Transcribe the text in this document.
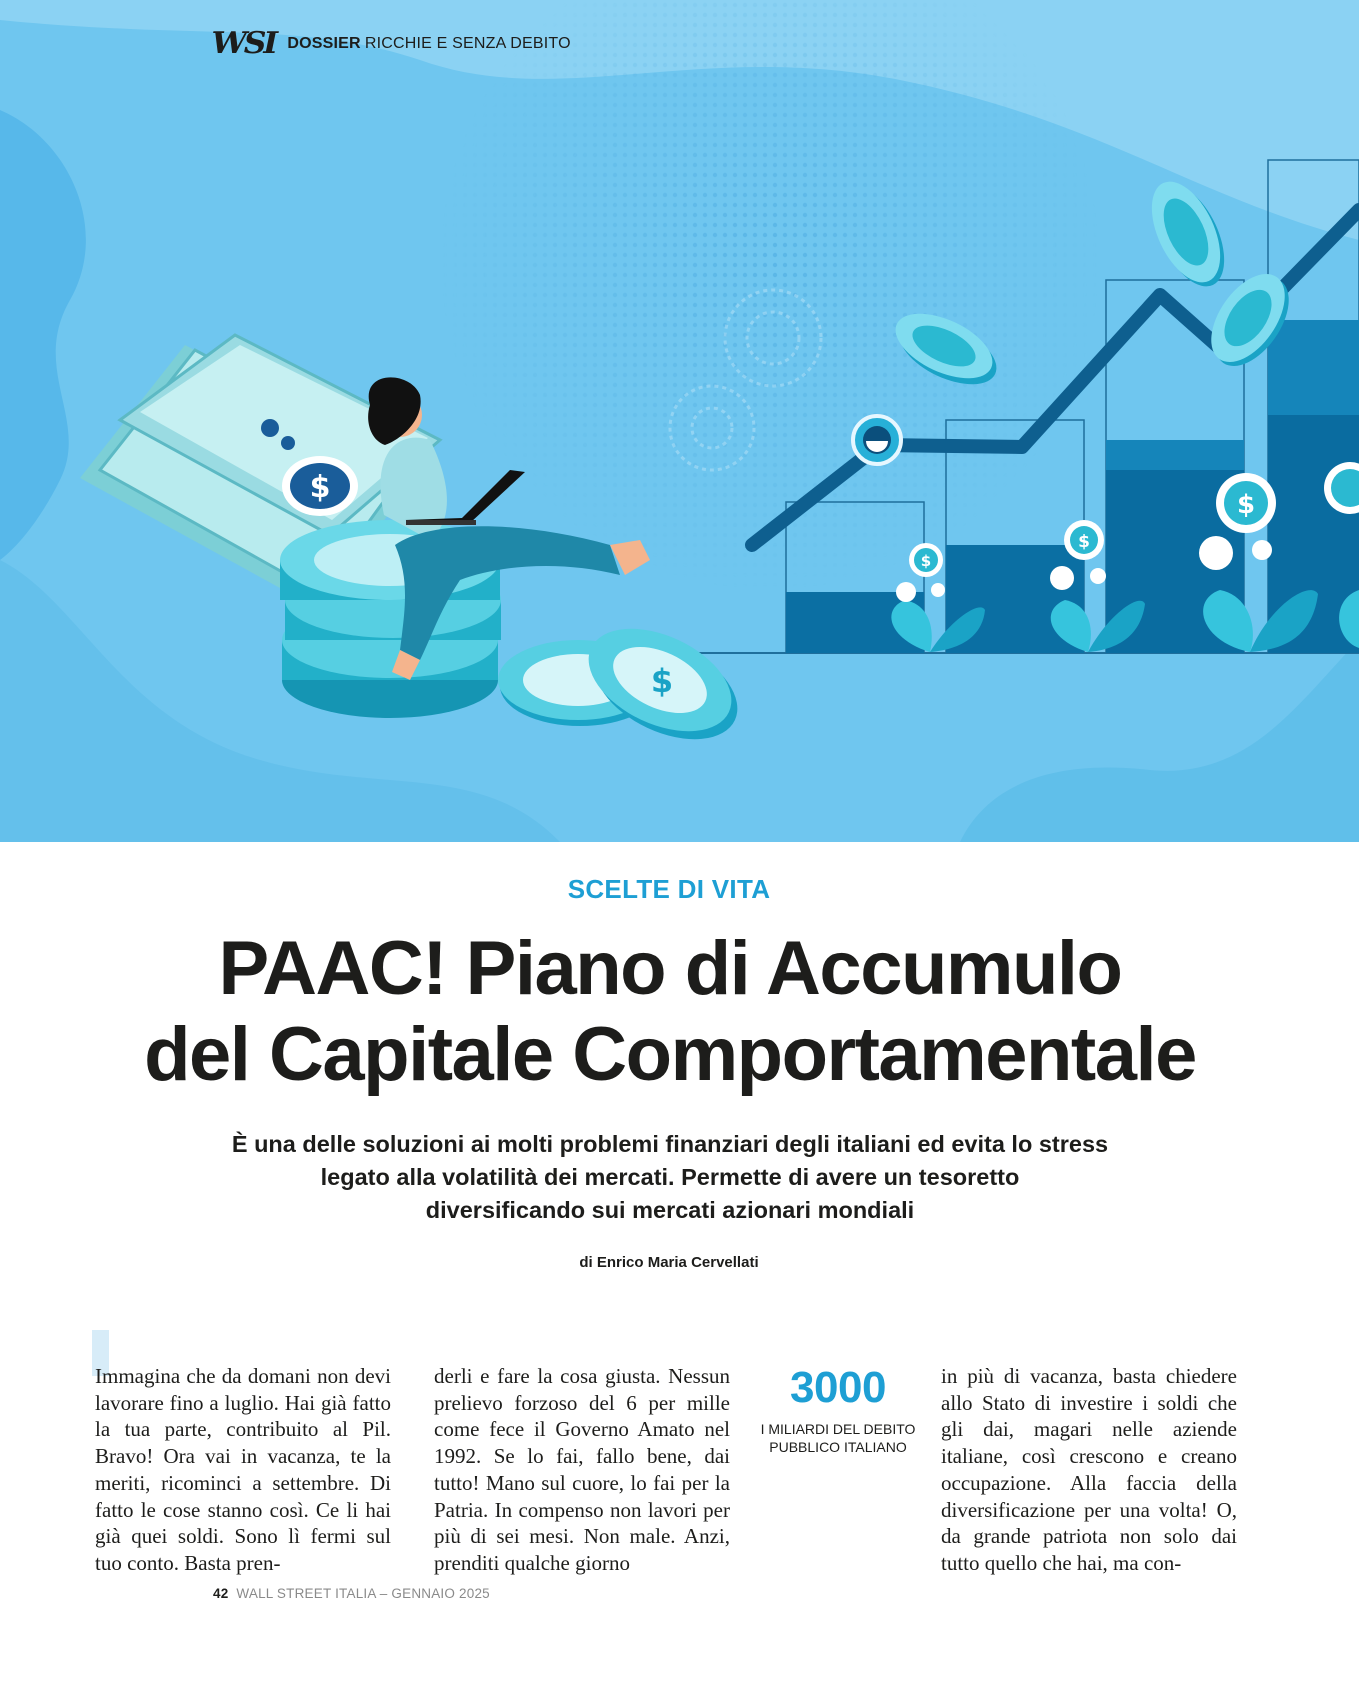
$
$
$
$
$
WSI DOSSIER RICCHIE E SENZA DEBITO
SCELTE DI VITA
PAAC! Piano di Accumulo
del Capitale Comportamentale

È una delle soluzioni ai molti problemi finanziari degli italiani ed evita lo stress
legato alla volatilità dei mercati. Permette di avere un tesoretto
diversificando sui mercati azionari mondiali

di Enrico Maria Cervellati

Immagina che da domani non devi lavorare fino a luglio. Hai già fatto la tua parte, contribuito al Pil. Bravo! Ora vai in vacanza, te la meriti, ricominci a settembre. Di fatto le cose stanno così. Ce li hai già quei soldi. Sono lì fermi sul tuo conto. Basta pren-

derli e fare la cosa giusta. Nessun prelievo forzoso del 6 per mille come fece il Governo Amato nel 1992. Se lo fai, fallo bene, dai tutto! Mano sul cuore, lo fai per la Patria. In compenso non lavori per più di sei mesi. Non male. Anzi, prenditi qualche giorno

3000
I MILIARDI DEL DEBITO PUBBLICO ITALIANO

in più di vacanza, basta chiedere allo Stato di investire i soldi che gli dai, magari nelle aziende italiane, così crescono e creano occupazione. Alla faccia della diversificazione per una volta! O, da grande patriota non solo dai tutto quello che hai, ma con-

42 WALL STREET ITALIA – GENNAIO 2025
